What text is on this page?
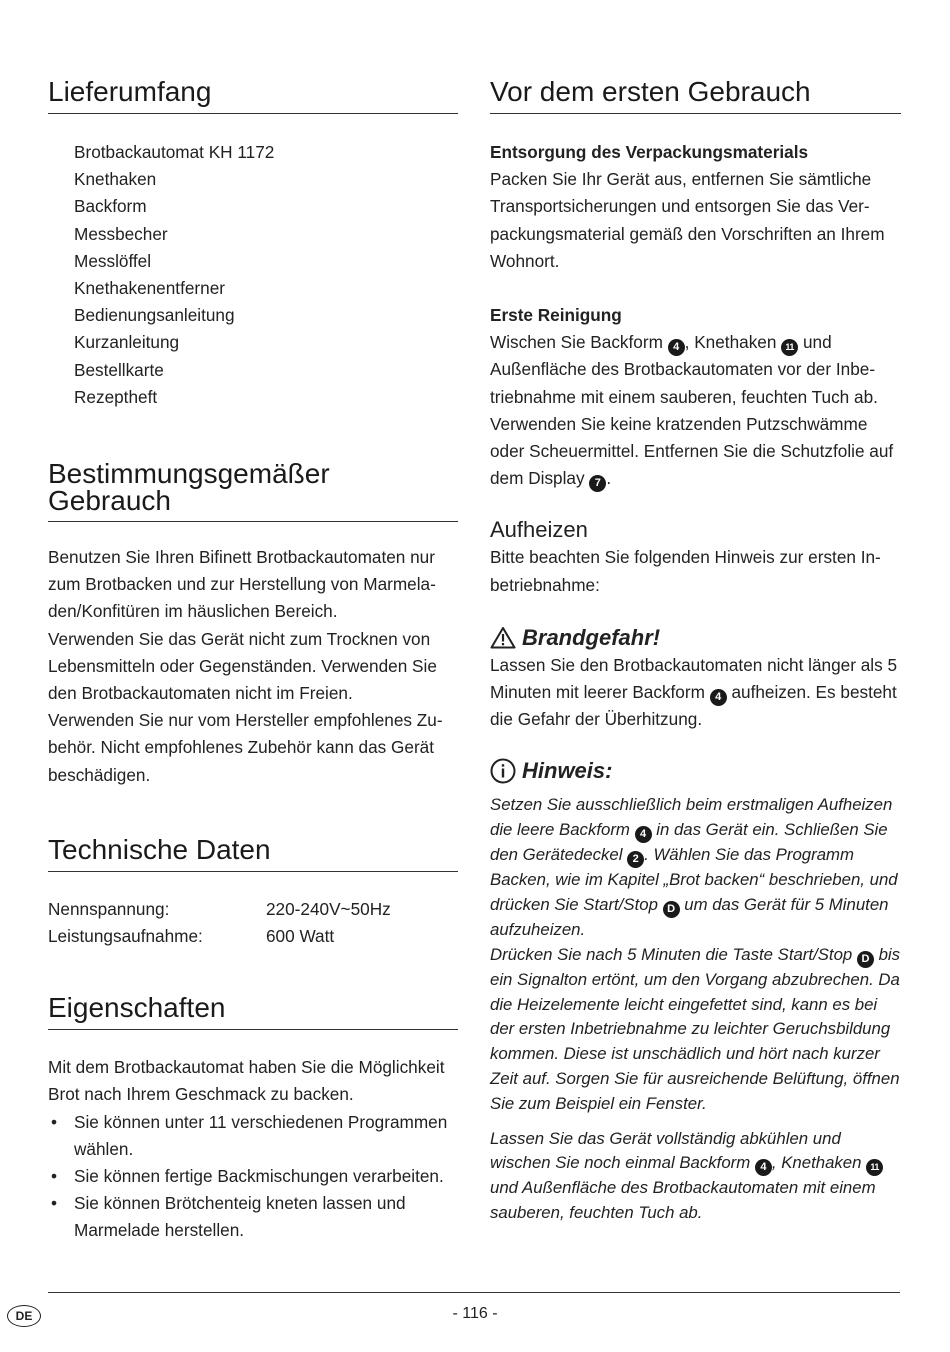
Lieferumfang
Brotbackautomat KH 1172
Knethaken
Backform
Messbecher
Messlöffel
Knethakenentferner
Bedienungsanleitung
Kurzanleitung
Bestellkarte
Rezeptheft
Bestimmungsgemäßer
Gebrauch

Benutzen Sie Ihren Bifinett Brotbackautomaten nur zum Brotbacken und zur Herstellung von Marmeladen/Konfitüren im häuslichen Bereich.

Verwenden Sie das Gerät nicht zum Trocknen von Lebensmitteln oder Gegenständen. Verwenden Sie den Brotbackautomaten nicht im Freien.

Verwenden Sie nur vom Hersteller empfohlenes Zubehör. Nicht empfohlenes Zubehör kann das Gerät beschädigen.

Technische Daten
Nennspannung:	220-240V~50Hz
Leistungsaufnahme:	600 Watt
Eigenschaften

Mit dem Brotbackautomat haben Sie die Möglichkeit Brot nach Ihrem Geschmack zu backen.

• Sie können unter 11 verschiedenen Programmen wählen.
• Sie können fertige Backmischungen verarbeiten.
• Sie können Brötchenteig kneten lassen und Marmelade herstellen.
Vor dem ersten Gebrauch
Entsorgung des Verpackungsmaterials

Packen Sie Ihr Gerät aus, entfernen Sie sämtliche Transportsicherungen und entsorgen Sie das Verpackungsmaterial gemäß den Vorschriften an Ihrem Wohnort.

Erste Reinigung

Wischen Sie Backform 4 , Knethaken 11 und Außenfläche des Brotbackautomaten vor der Inbetriebnahme mit einem sauberen, feuchten Tuch ab. Verwenden Sie keine kratzenden Putzschwämme oder Scheuermittel. Entfernen Sie die Schutzfolie auf dem Display 7 .

Aufheizen

Bitte beachten Sie folgenden Hinweis zur ersten Inbetriebnahme:

Brandgefahr!

Lassen Sie den Brotbackautomaten nicht länger als 5 Minuten mit leerer Backform 4 aufheizen. Es besteht die Gefahr der Überhitzung.

Hinweis:

Setzen Sie ausschließlich beim erstmaligen Aufheizen die leere Backform 4 in das Gerät ein. Schließen Sie den Gerätedeckel 2 . Wählen Sie das Programm Backen, wie im Kapitel „Brot backen“ beschrieben, und drücken Sie Start/Stop D um das Gerät für 5 Minuten aufzuheizen.

Drücken Sie nach 5 Minuten die Taste Start/Stop D bis ein Signalton ertönt, um den Vorgang abzubrechen. Da die Heizelemente leicht eingefettet sind, kann es bei der ersten Inbetriebnahme zu leichter Geruchsbildung kommen. Diese ist unschädlich und hört nach kurzer Zeit auf. Sorgen Sie für ausreichende Belüftung, öffnen Sie zum Beispiel ein Fenster.

Lassen Sie das Gerät vollständig abkühlen und wischen Sie noch einmal Backform 4 , Knethaken 11 und Außenfläche des Brotbackautomaten mit einem sauberen, feuchten Tuch ab.

DE	- 116 -
